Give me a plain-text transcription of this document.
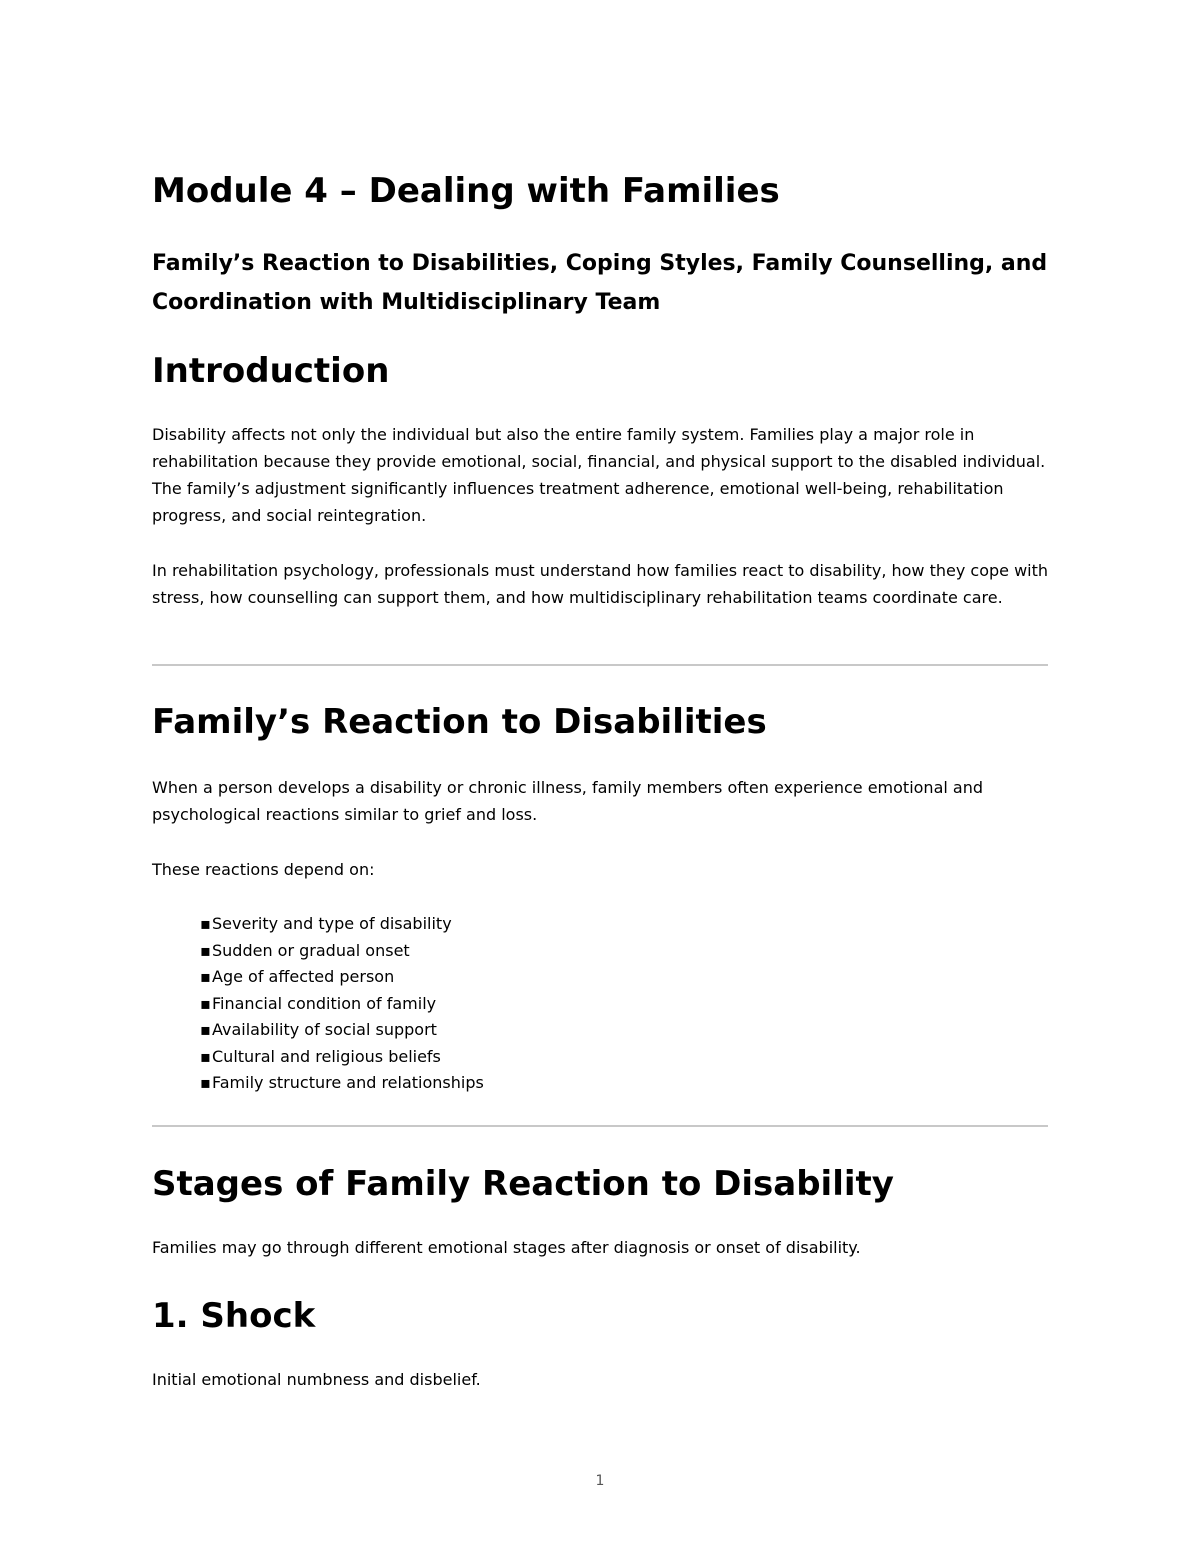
Module 4 – Dealing with Families
Family’s Reaction to Disabilities, Coping Styles, Family Counselling, and Coordination with Multidisciplinary Team
Introduction

Disability affects not only the individual but also the entire family system. Families play a major role in rehabilitation because they provide emotional, social, financial, and physical support to the disabled individual. The family’s adjustment significantly influences treatment adherence, emotional well-being, rehabilitation progress, and social reintegration.

In rehabilitation psychology, professionals must understand how families react to disability, how they cope with stress, how counselling can support them, and how multidisciplinary rehabilitation teams coordinate care.

Family’s Reaction to Disabilities

When a person develops a disability or chronic illness, family members often experience emotional and psychological reactions similar to grief and loss.

These reactions depend on:

▪Severity and type of disability
▪Sudden or gradual onset
▪Age of affected person
▪Financial condition of family
▪Availability of social support
▪Cultural and religious beliefs
▪Family structure and relationships
Stages of Family Reaction to Disability

Families may go through different emotional stages after diagnosis or onset of disability.

1. Shock

Initial emotional numbness and disbelief.

1
